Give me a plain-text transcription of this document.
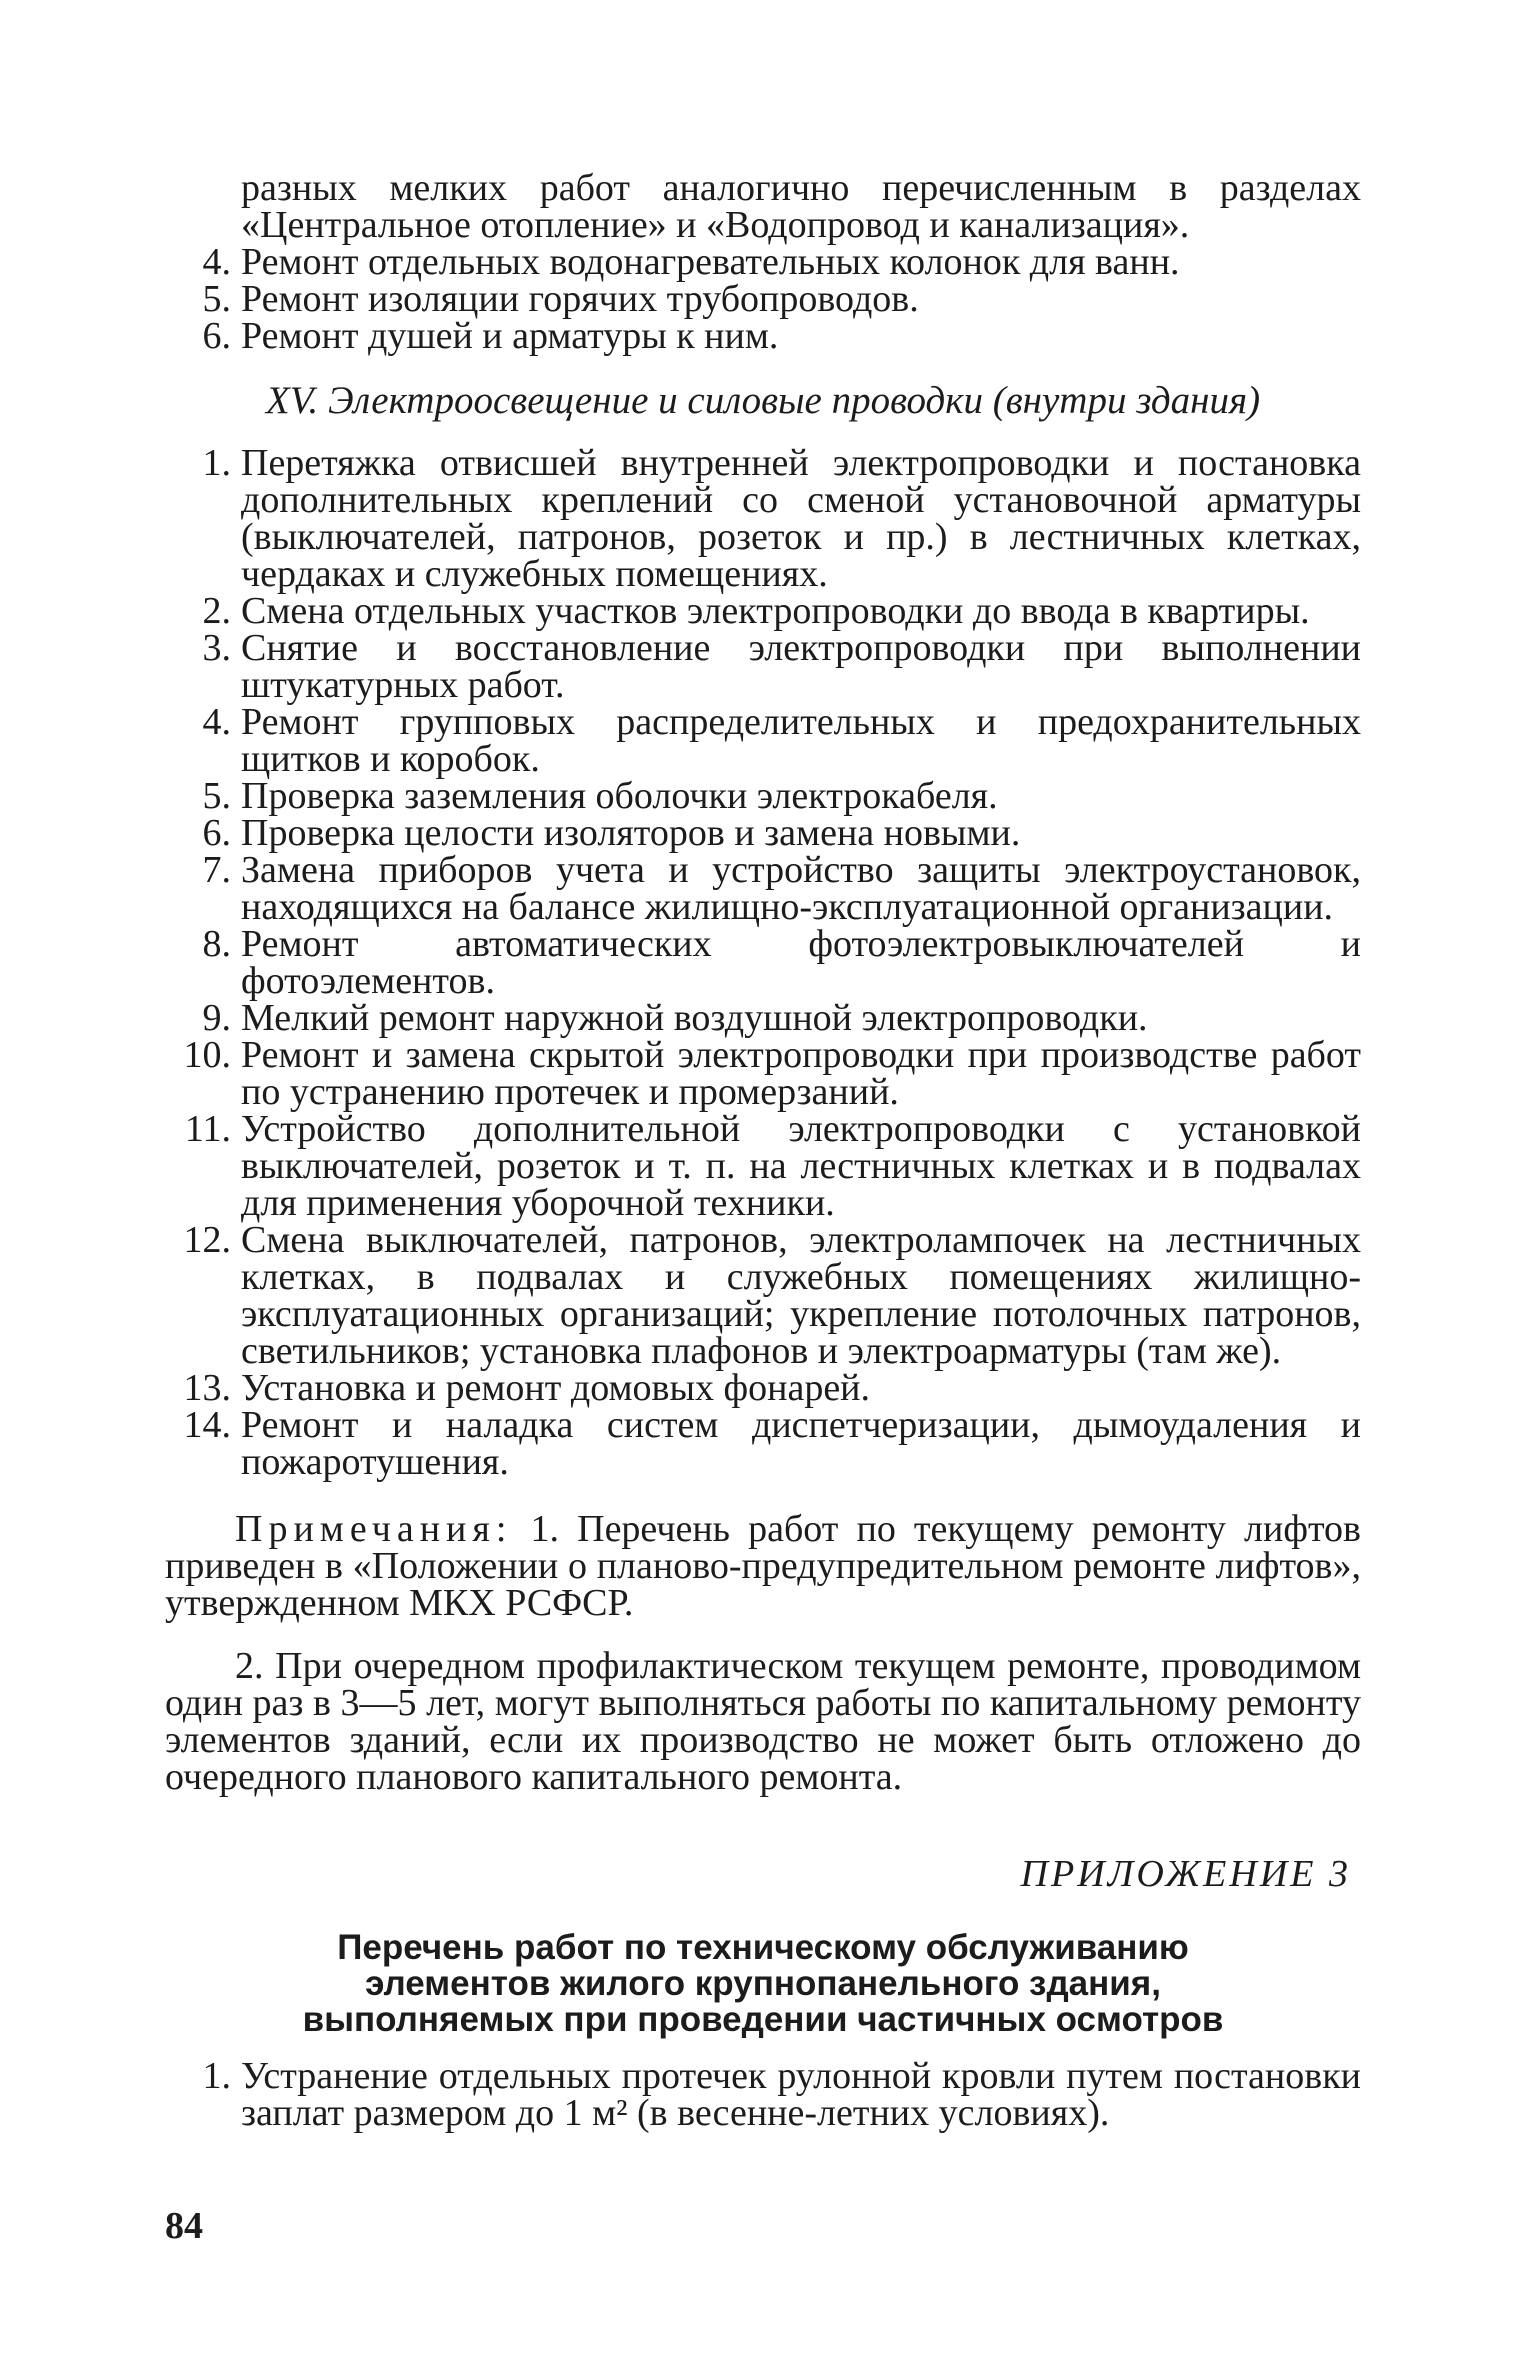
разных мелких работ аналогично перечисленным в разделах
«Центральное отопление» и «Водопровод и канализация».
4. Ремонт отдельных водонагревательных колонок для ванн.
5. Ремонт изоляции горячих трубопроводов.
6. Ремонт душей и арматуры к ним.
XV. Электроосвещение и силовые проводки (внутри здания)
1. Перетяжка отвисшей внутренней электропроводки и постановка дополнительных креплений со сменой установочной арматуры (выключателей, патронов, розеток и пр.) в лестничных клетках, чердаках и служебных помещениях.
2. Смена отдельных участков электропроводки до ввода в квартиры.
3. Снятие и восстановление электропроводки при выполнении штукатурных работ.
4. Ремонт групповых распределительных и предохранительных щитков и коробок.
5. Проверка заземления оболочки электрокабеля.
6. Проверка целости изоляторов и замена новыми.
7. Замена приборов учета и устройство защиты электроустановок, находящихся на балансе жилищно-эксплуатационной организации.
8. Ремонт автоматических фотоэлектровыключателей и фотоэлементов.
9. Мелкий ремонт наружной воздушной электропроводки.
10. Ремонт и замена скрытой электропроводки при производстве работ по устранению протечек и промерзаний.
11. Устройство дополнительной электропроводки с установкой выключателей, розеток и т. п. на лестничных клетках и в подвалах для применения уборочной техники.
12. Смена выключателей, патронов, электролампочек на лестничных клетках, в подвалах и служебных помещениях жилищно-эксплуатационных организаций; укрепление потолочных патронов, светильников; установка плафонов и электроарматуры (там же).
13. Установка и ремонт домовых фонарей.
14. Ремонт и наладка систем диспетчеризации, дымоудаления и пожаротушения.

Примечания: 1. Перечень работ по текущему ремонту лифтов приведен в «Положении о планово-предупредительном ремонте лифтов», утвержденном МКХ РСФСР.

2. При очередном профилактическом текущем ремонте, проводимом один раз в 3—5 лет, могут выполняться работы по капитальному ремонту элементов зданий, если их производство не может быть отложено до очередного планового капитального ремонта.

ПРИЛОЖЕНИЕ 3
Перечень работ по техническому обслуживанию
элементов жилого крупнопанельного здания,
выполняемых при проведении частичных осмотров
1. Устранение отдельных протечек рулонной кровли путем постановки заплат размером до 1 м² (в весенне-летних условиях).
84
